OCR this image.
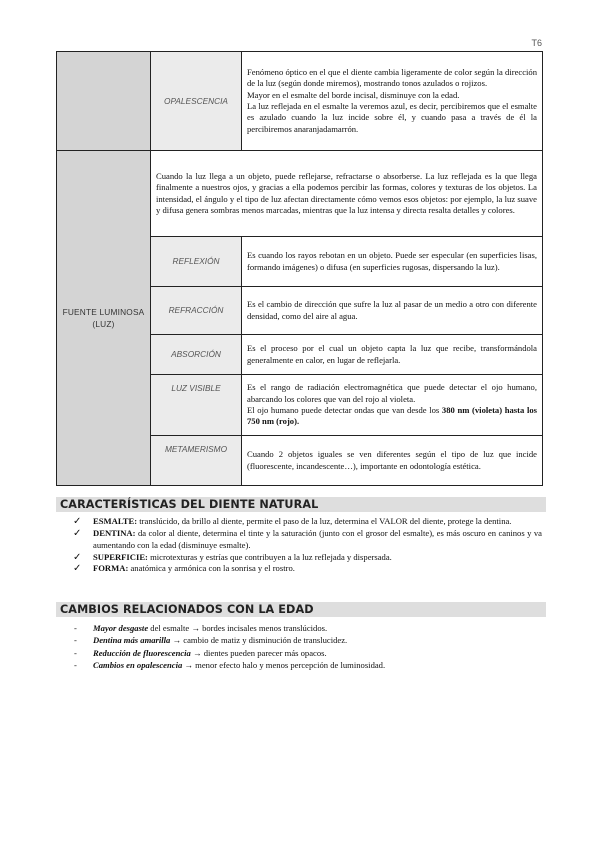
T6
	OPALESCENCIA	Fenómeno óptico en el que el diente cambia ligeramente de color según la dirección de la luz (según donde miremos), mostrando tonos azulados o rojizos.
Mayor en el esmalte del borde incisal, disminuye con la edad.
La luz reflejada en el esmalte la veremos azul, es decir, percibiremos que el esmalte es azulado cuando la luz incide sobre él, y cuando pasa a través de él la percibiremos anaranjadamarrón.

FUENTE LUMINOSA (LUZ)	Cuando la luz llega a un objeto, puede reflejarse, refractarse o absorberse. La luz reflejada es la que llega finalmente a nuestros ojos, y gracias a ella podemos percibir las formas, colores y texturas de los objetos. La intensidad, el ángulo y el tipo de luz afectan directamente cómo vemos esos objetos: por ejemplo, la luz suave y difusa genera sombras menos marcadas, mientras que la luz intensa y directa resalta detalles y colores.	
	REFLEXIÓN	Es cuando los rayos rebotan en un objeto. Puede ser especular (en superficies lisas, formando imágenes) o difusa (en superficies rugosas, dispersando la luz).
	REFRACCIÓN	Es el cambio de dirección que sufre la luz al pasar de un medio a otro con diferente densidad, como del aire al agua.
	ABSORCIÓN	Es el proceso por el cual un objeto capta la luz que recibe, transformándola generalmente en calor, en lugar de reflejarla.
	LUZ VISIBLE	Es el rango de radiación electromagnética que puede detectar el ojo humano, abarcando los colores que van del rojo al violeta.
El ojo humano puede detectar ondas que van desde los 380 nm (violeta) hasta los 750 nm (rojo).

	METAMERISMO	Cuando 2 objetos iguales se ven diferentes según el tipo de luz que incide (fluorescente, incandescente…), importante en odontología estética.
CARACTERÍSTICAS DEL DIENTE NATURAL
✓ ESMALTE: translúcido, da brillo al diente, permite el paso de la luz, determina el VALOR del diente, protege la dentina.
✓ DENTINA: da color al diente, determina el tinte y la saturación (junto con el grosor del esmalte), es más oscuro en caninos y va aumentando con la edad (disminuye esmalte).
✓ SUPERFICIE: microtexturas y estrías que contribuyen a la luz reflejada y dispersada.
✓ FORMA: anatómica y armónica con la sonrisa y el rostro.
CAMBIOS RELACIONADOS CON LA EDAD
- Mayor desgaste del esmalte → bordes incisales menos translúcidos.
- Dentina más amarilla → cambio de matiz y disminución de translucidez.
- Reducción de fluorescencia → dientes pueden parecer más opacos.
- Cambios en opalescencia → menor efecto halo y menos percepción de luminosidad.
